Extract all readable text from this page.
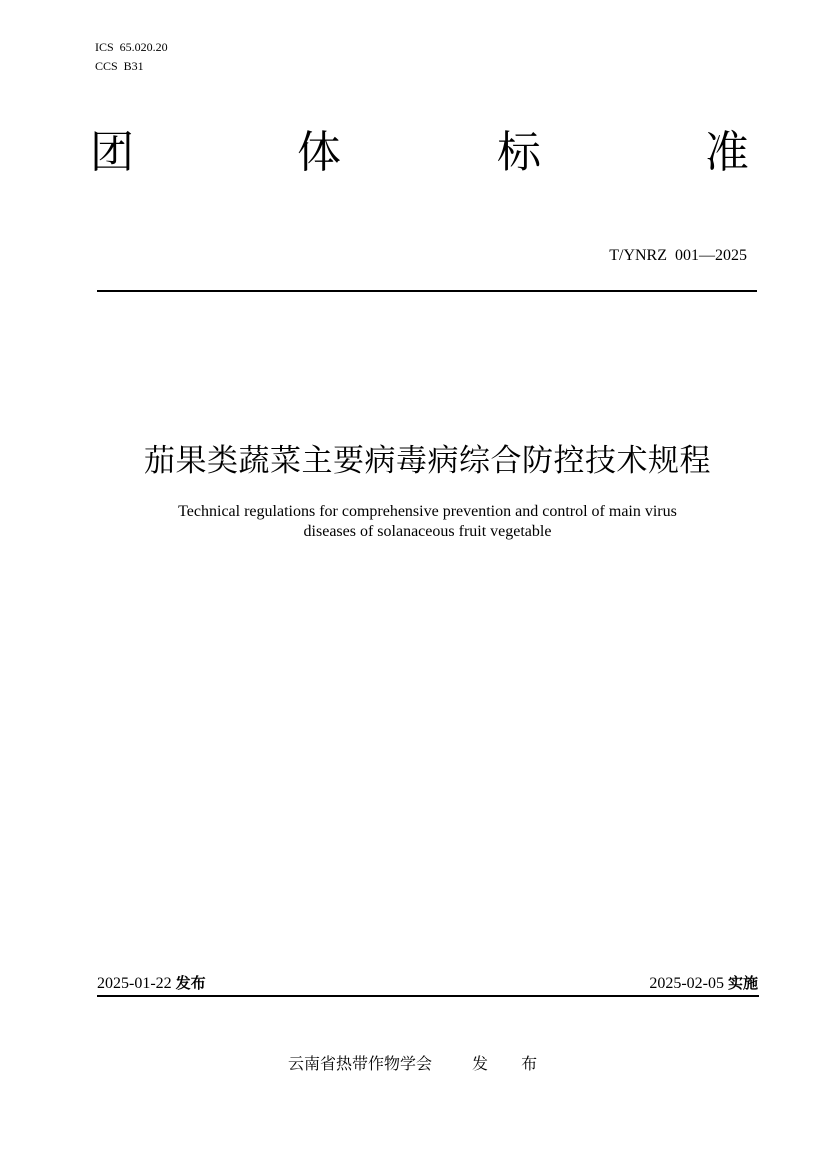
ICS  65.020.20
CCS  B31
团	体	标	准
T/YNRZ  001—2025
茄果类蔬菜主要病毒病综合防控技术规程
Technical regulations for comprehensive prevention and control of main virus
diseases of solanaceous fruit vegetable
2025-01-22 发布	2025-02-05 实施
云南省热带作物学会	发 布
